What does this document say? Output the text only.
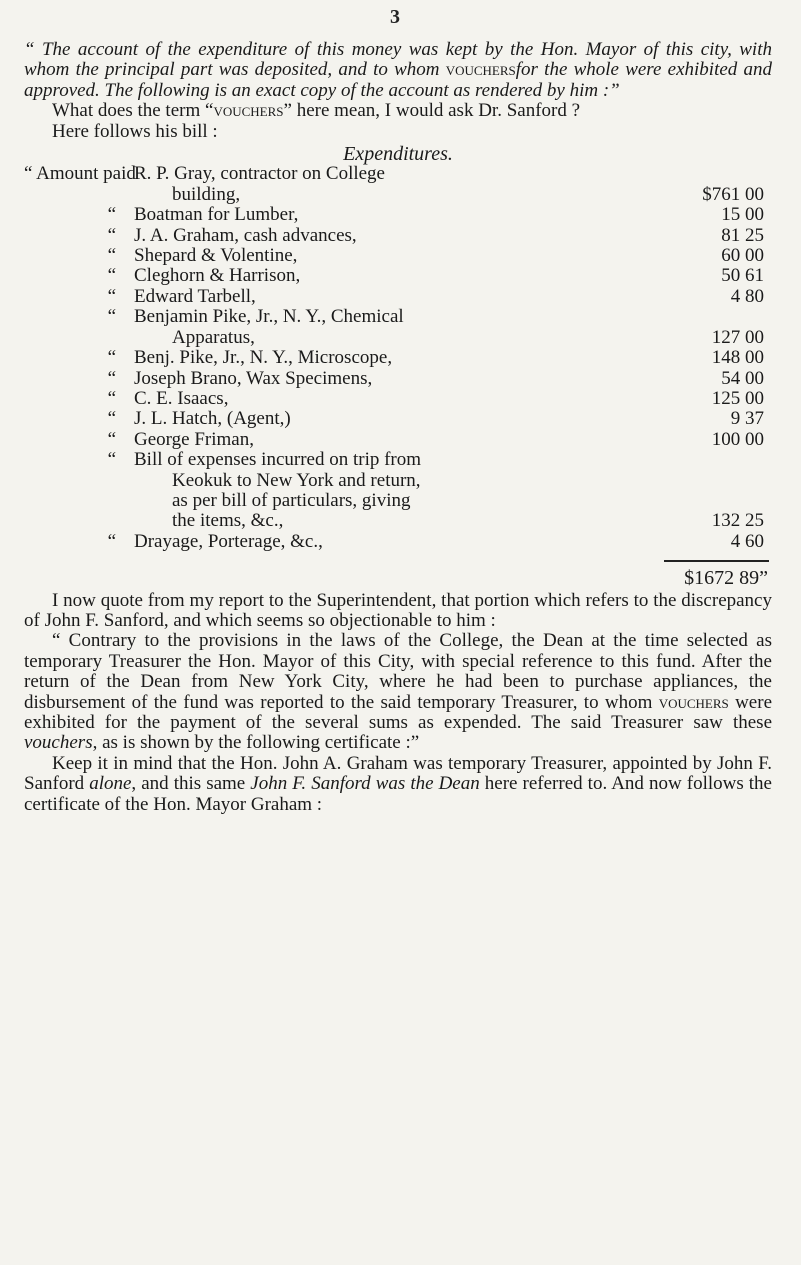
3

“ The account of the expenditure of this money was kept by the Hon. Mayor of this city, with whom the principal part was deposited, and to whom vouchersfor the whole were exhibited and approved. The following is an exact copy of the account as rendered by him :”

What does the term “vouchers” here mean, I would ask Dr. Sanford ?

Here follows his bill :

Expenditures.

“ Amount paid
R. P. Gray, contractor on College
building,	$761 00
“ Boatman for Lumber,	15 00
“ J. A. Graham, cash advances,	81 25
“ Shepard & Volentine,	60 00
“ Cleghorn & Harrison,	50 61
“ Edward Tarbell,	4 80
“ Benjamin Pike, Jr., N. Y., Chemical
Apparatus,	127 00
“ Benj. Pike, Jr., N. Y., Microscope,	148 00
“ Joseph Brano, Wax Specimens,	54 00
“ C. E. Isaacs,	125 00
“ J. L. Hatch, (Agent,)	9 37
“ George Friman,	100 00
“ Bill of expenses incurred on trip from
Keokuk to New York and return,
as per bill of particulars, giving
the items, &c.,	132 25
“ Drayage, Porterage, &c.,	4 60
$1672 89”

I now quote from my report to the Superintendent, that portion which refers to the discrepancy of John F. Sanford, and which seems so objectionable to him :

“ Contrary to the provisions in the laws of the College, the Dean at the time selected as temporary Treasurer the Hon. Mayor of this City, with special reference to this fund. After the return of the Dean from New York City, where he had been to purchase appliances, the disbursement of the fund was reported to the said temporary Treasurer, to whom vouchers were exhibited for the payment of the several sums as expended. The said Treasurer saw these vouchers, as is shown by the following certificate :”

Keep it in mind that the Hon. John A. Graham was temporary Treasurer, appointed by John F. Sanford alone, and this same John F. Sanford was the Dean here referred to. And now follows the certificate of the Hon. Mayor Graham :
